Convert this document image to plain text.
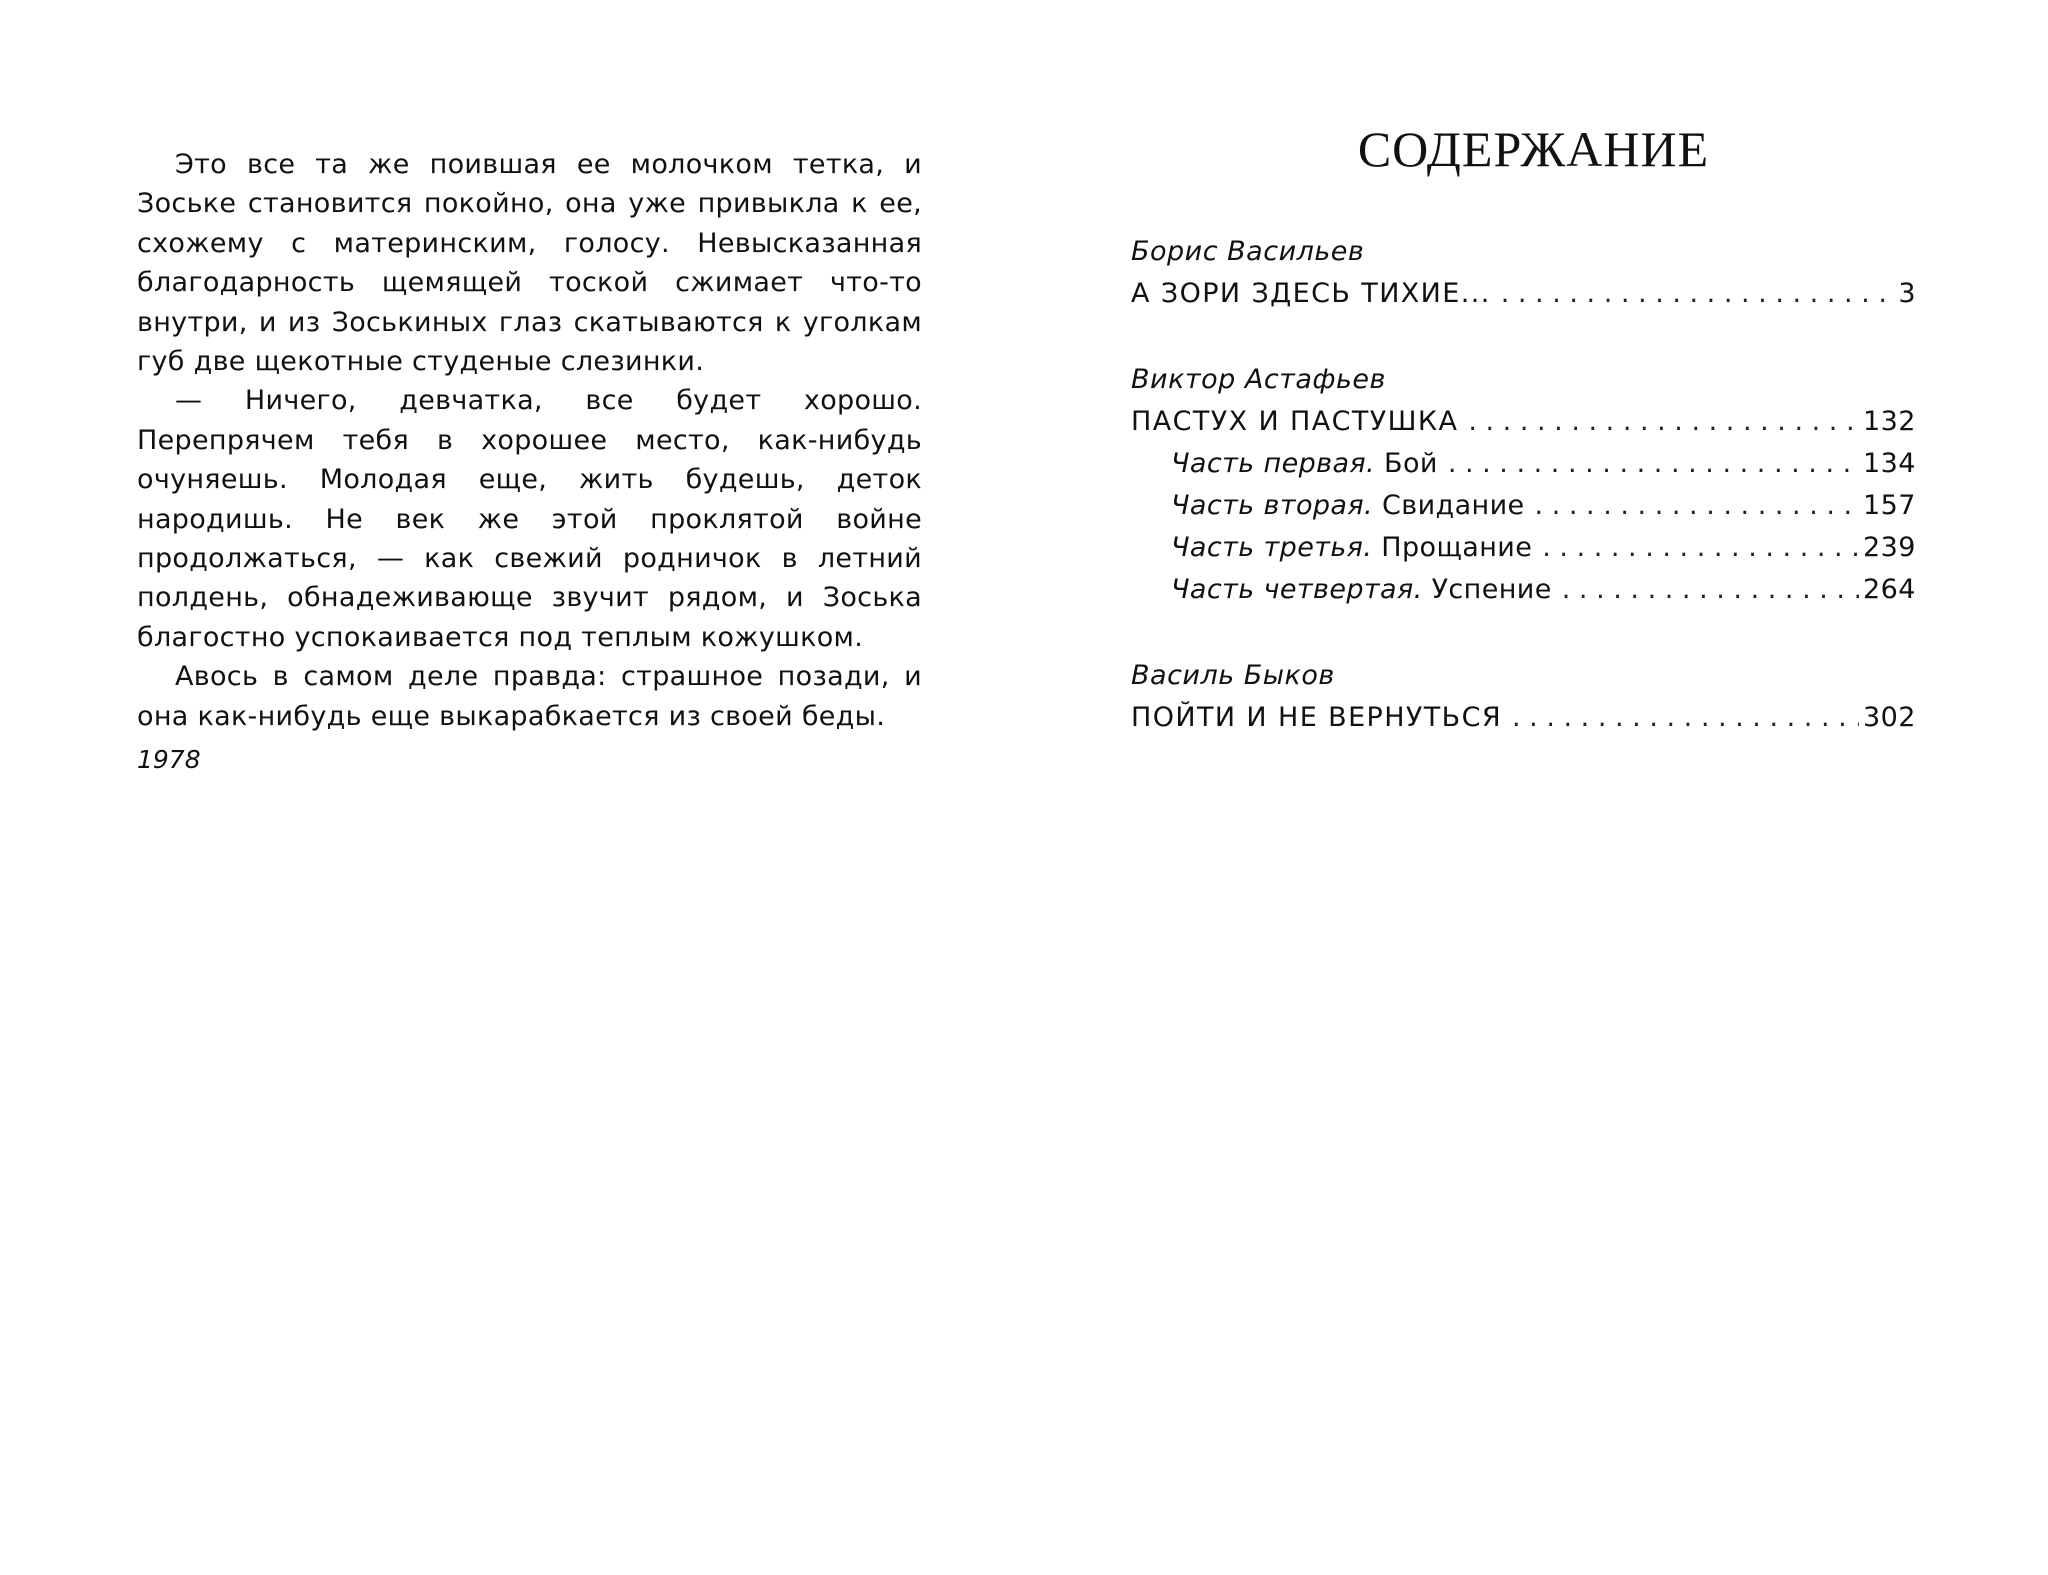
Это все та же поившая ее молочком тетка, и Зоське становится покойно, она уже привыкла к ее, схожему с материнским, голосу. Невысказанная благодарность щемящей тоской сжимает что-то внутри, и из Зоськиных глаз скатываются к уголкам губ две щекотные студеные слезинки.

— Ничего, девчатка, все будет хорошо. Перепрячем тебя в хорошее место, как-нибудь очуняешь. Молодая еще, жить будешь, деток народишь. Не век же этой проклятой войне продолжаться, — как свежий родничок в летний полдень, обнадеживающе звучит рядом, и Зоська благостно успокаивается под теплым кожушком.

Авось в самом деле правда: страшное позади, и она как-нибудь еще выкарабкается из своей беды.

1978

СОДЕРЖАНИЕ
Борис Васильев
А ЗОРИ ЗДЕСЬ ТИХИЕ... . . .	3
Виктор Астафьев
ПАСТУХ И ПАСТУШКА . . .	132
Часть первая. Бой . . .	134
Часть вторая. Свидание . . .	157
Часть третья. Прощание . . .	239
Часть четвертая. Успение . . .	264
Василь Быков
ПОЙТИ И НЕ ВЕРНУТЬСЯ . . .	302
